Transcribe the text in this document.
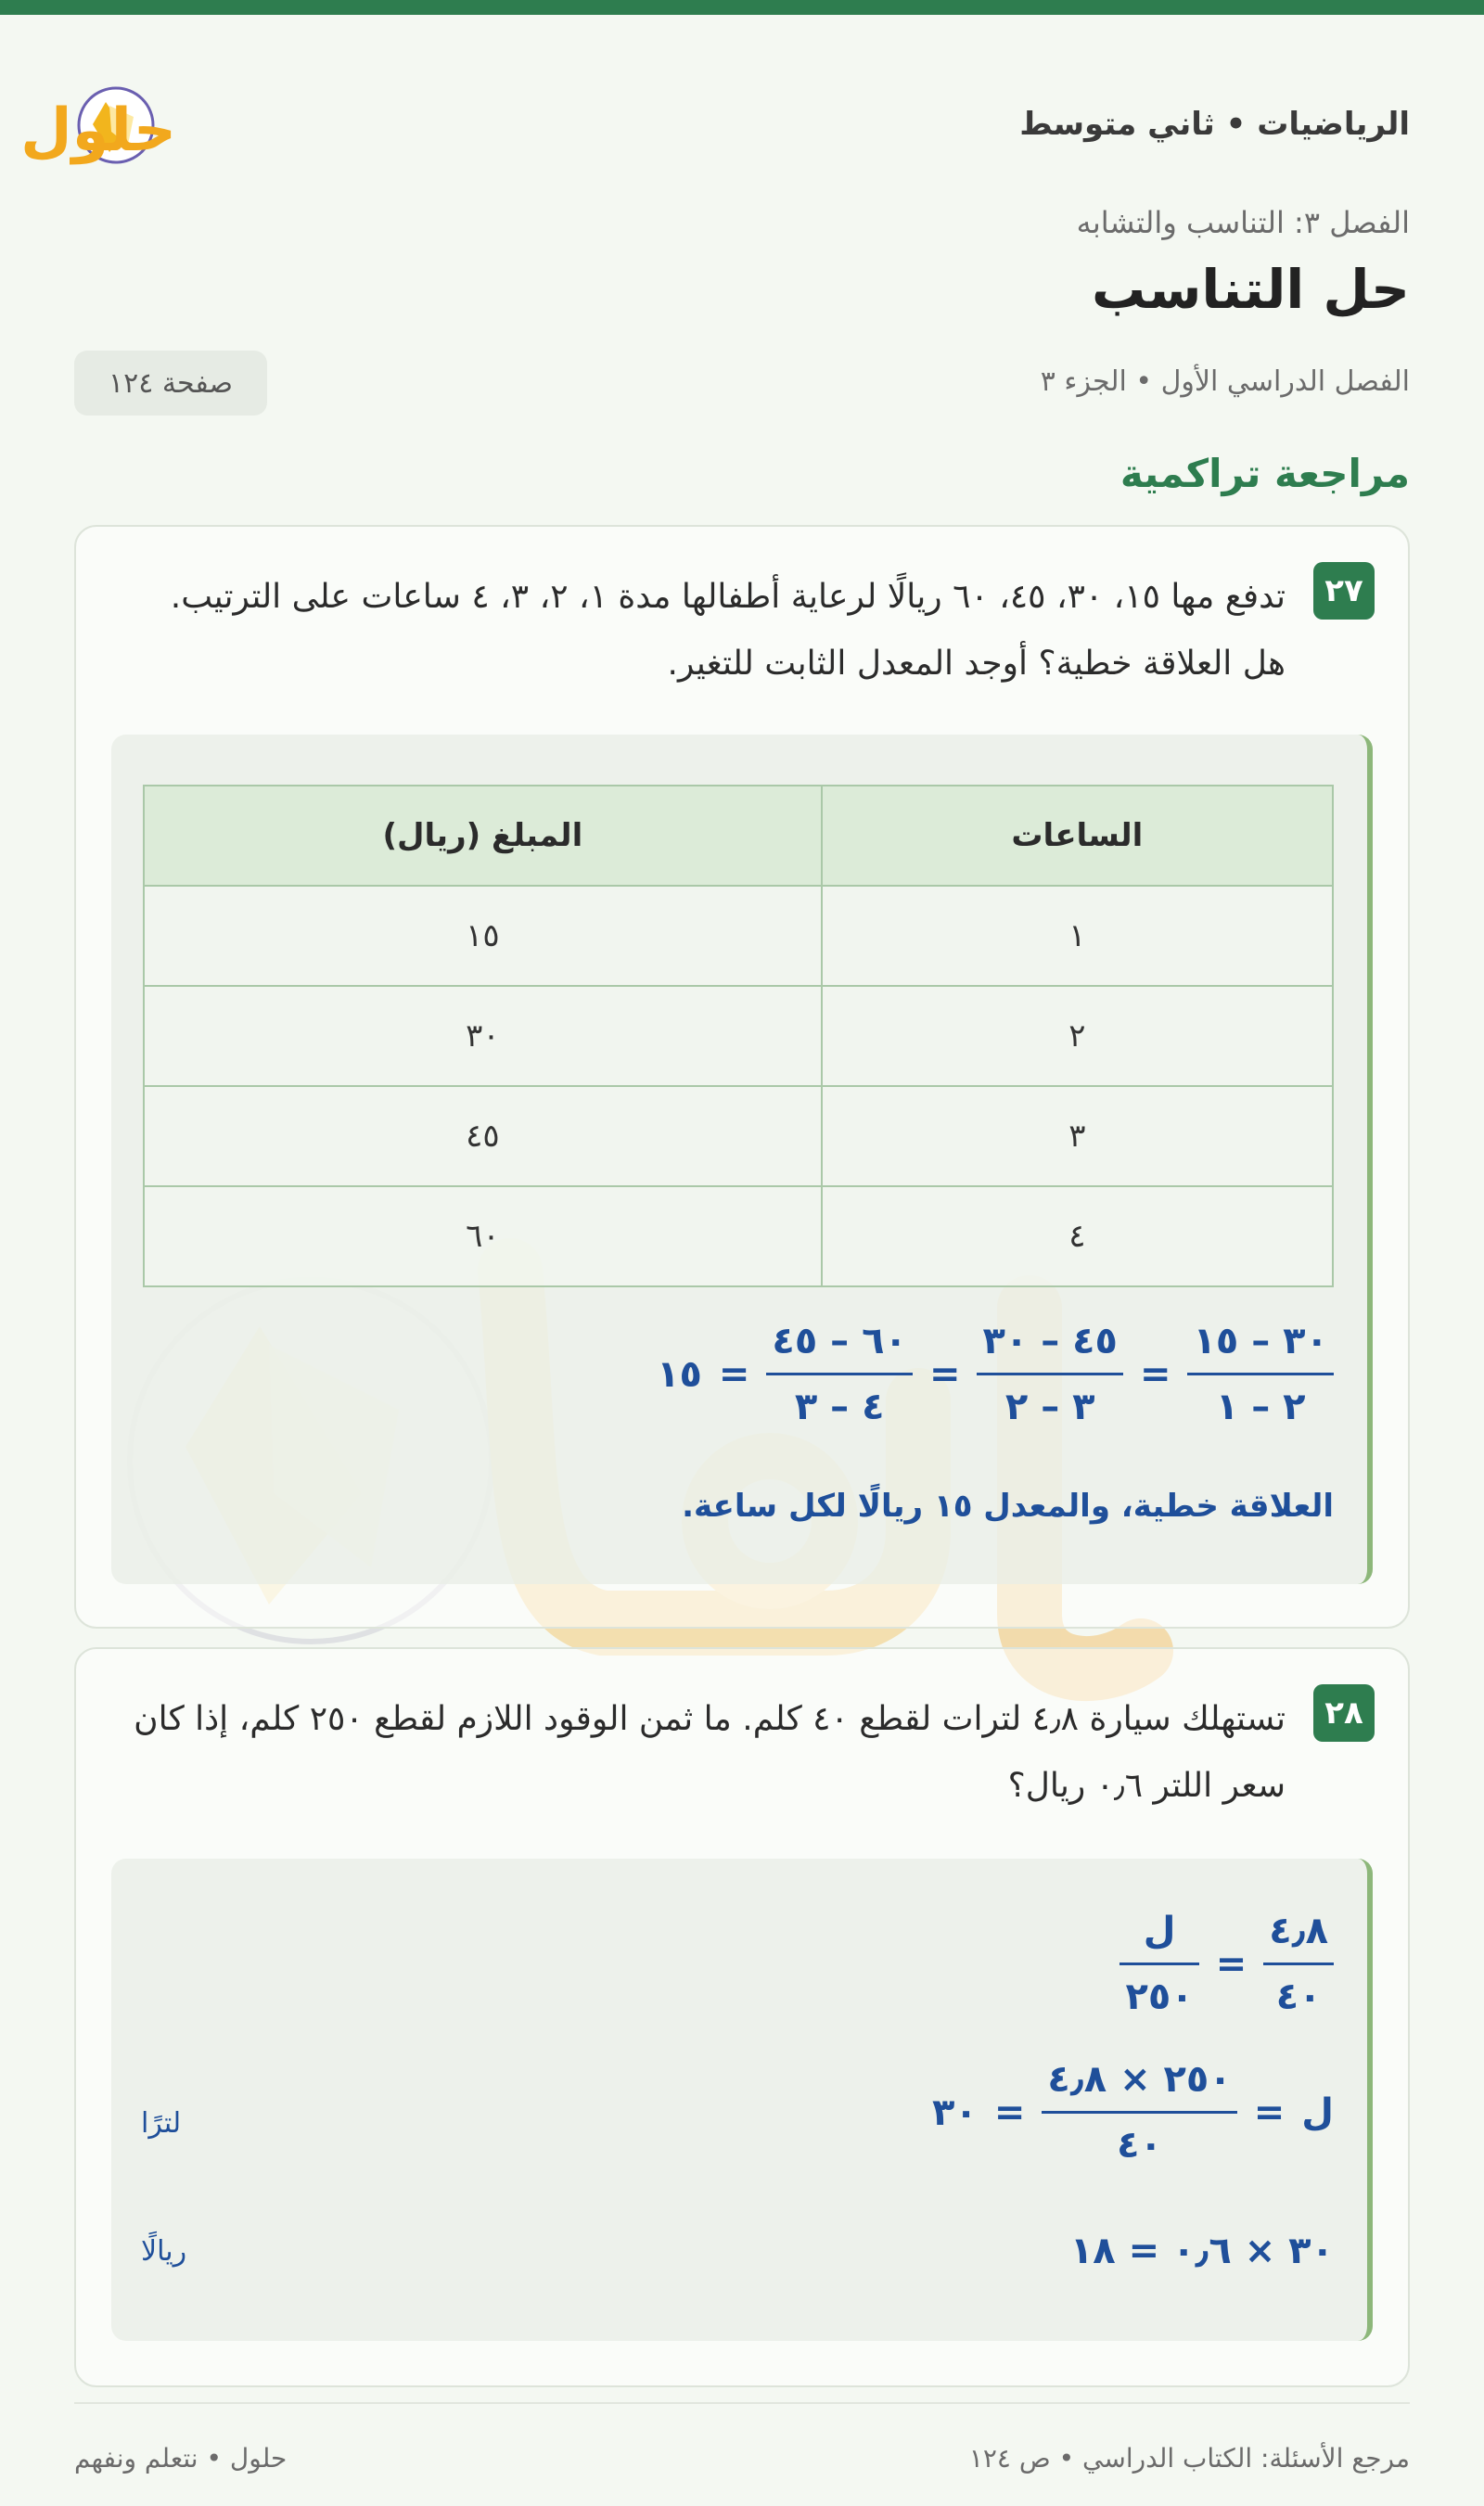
الرياضيات • ثاني متوسط
حلول
الفصل ٣: التناسب والتشابه
حل التناسب
الفصل الدراسي الأول • الجزء ٣
صفحة ١٢٤
مراجعة تراكمية
٢٧
تدفع مها ١٥، ٣٠، ٤٥، ٦٠ ريالًا لرعاية أطفالها مدة ١، ٢، ٣، ٤ ساعات على الترتيب. هل العلاقة خطية؟ أوجد المعدل الثابت للتغير.
الساعات	المبلغ (ريال)
١	١٥
٢	٣٠
٣	٤٥
٤	٦٠
$\frac{٣٠ - ١٥}{٢ - ١}$
=
$\frac{٤٥ - ٣٠}{٣ - ٢}$
=
$\frac{٦٠ - ٤٥}{٤ - ٣}$
=
١٥
العلاقة خطية، والمعدل ١٥ ريالًا لكل ساعة.
٢٨
تستهلك سيارة ٤٫٨ لترات لقطع ٤٠ كلم. ما ثمن الوقود اللازم لقطع ٢٥٠ كلم، إذا كان سعر اللتر ٠٫٦ ريال؟
$\frac{٤٫٨}{٤٠}$
=
$\frac{\text{ل}}{٢٥٠}$
ل
=
$\frac{٢٥٠ \times ٤٫٨}{٤٠}$
=
٣٠
لترًا
٣٠ × ٠٫٦ = ١٨
ريالًا
مرجع الأسئلة: الكتاب الدراسي • ص ١٢٤
حلول • نتعلم ونفهم
